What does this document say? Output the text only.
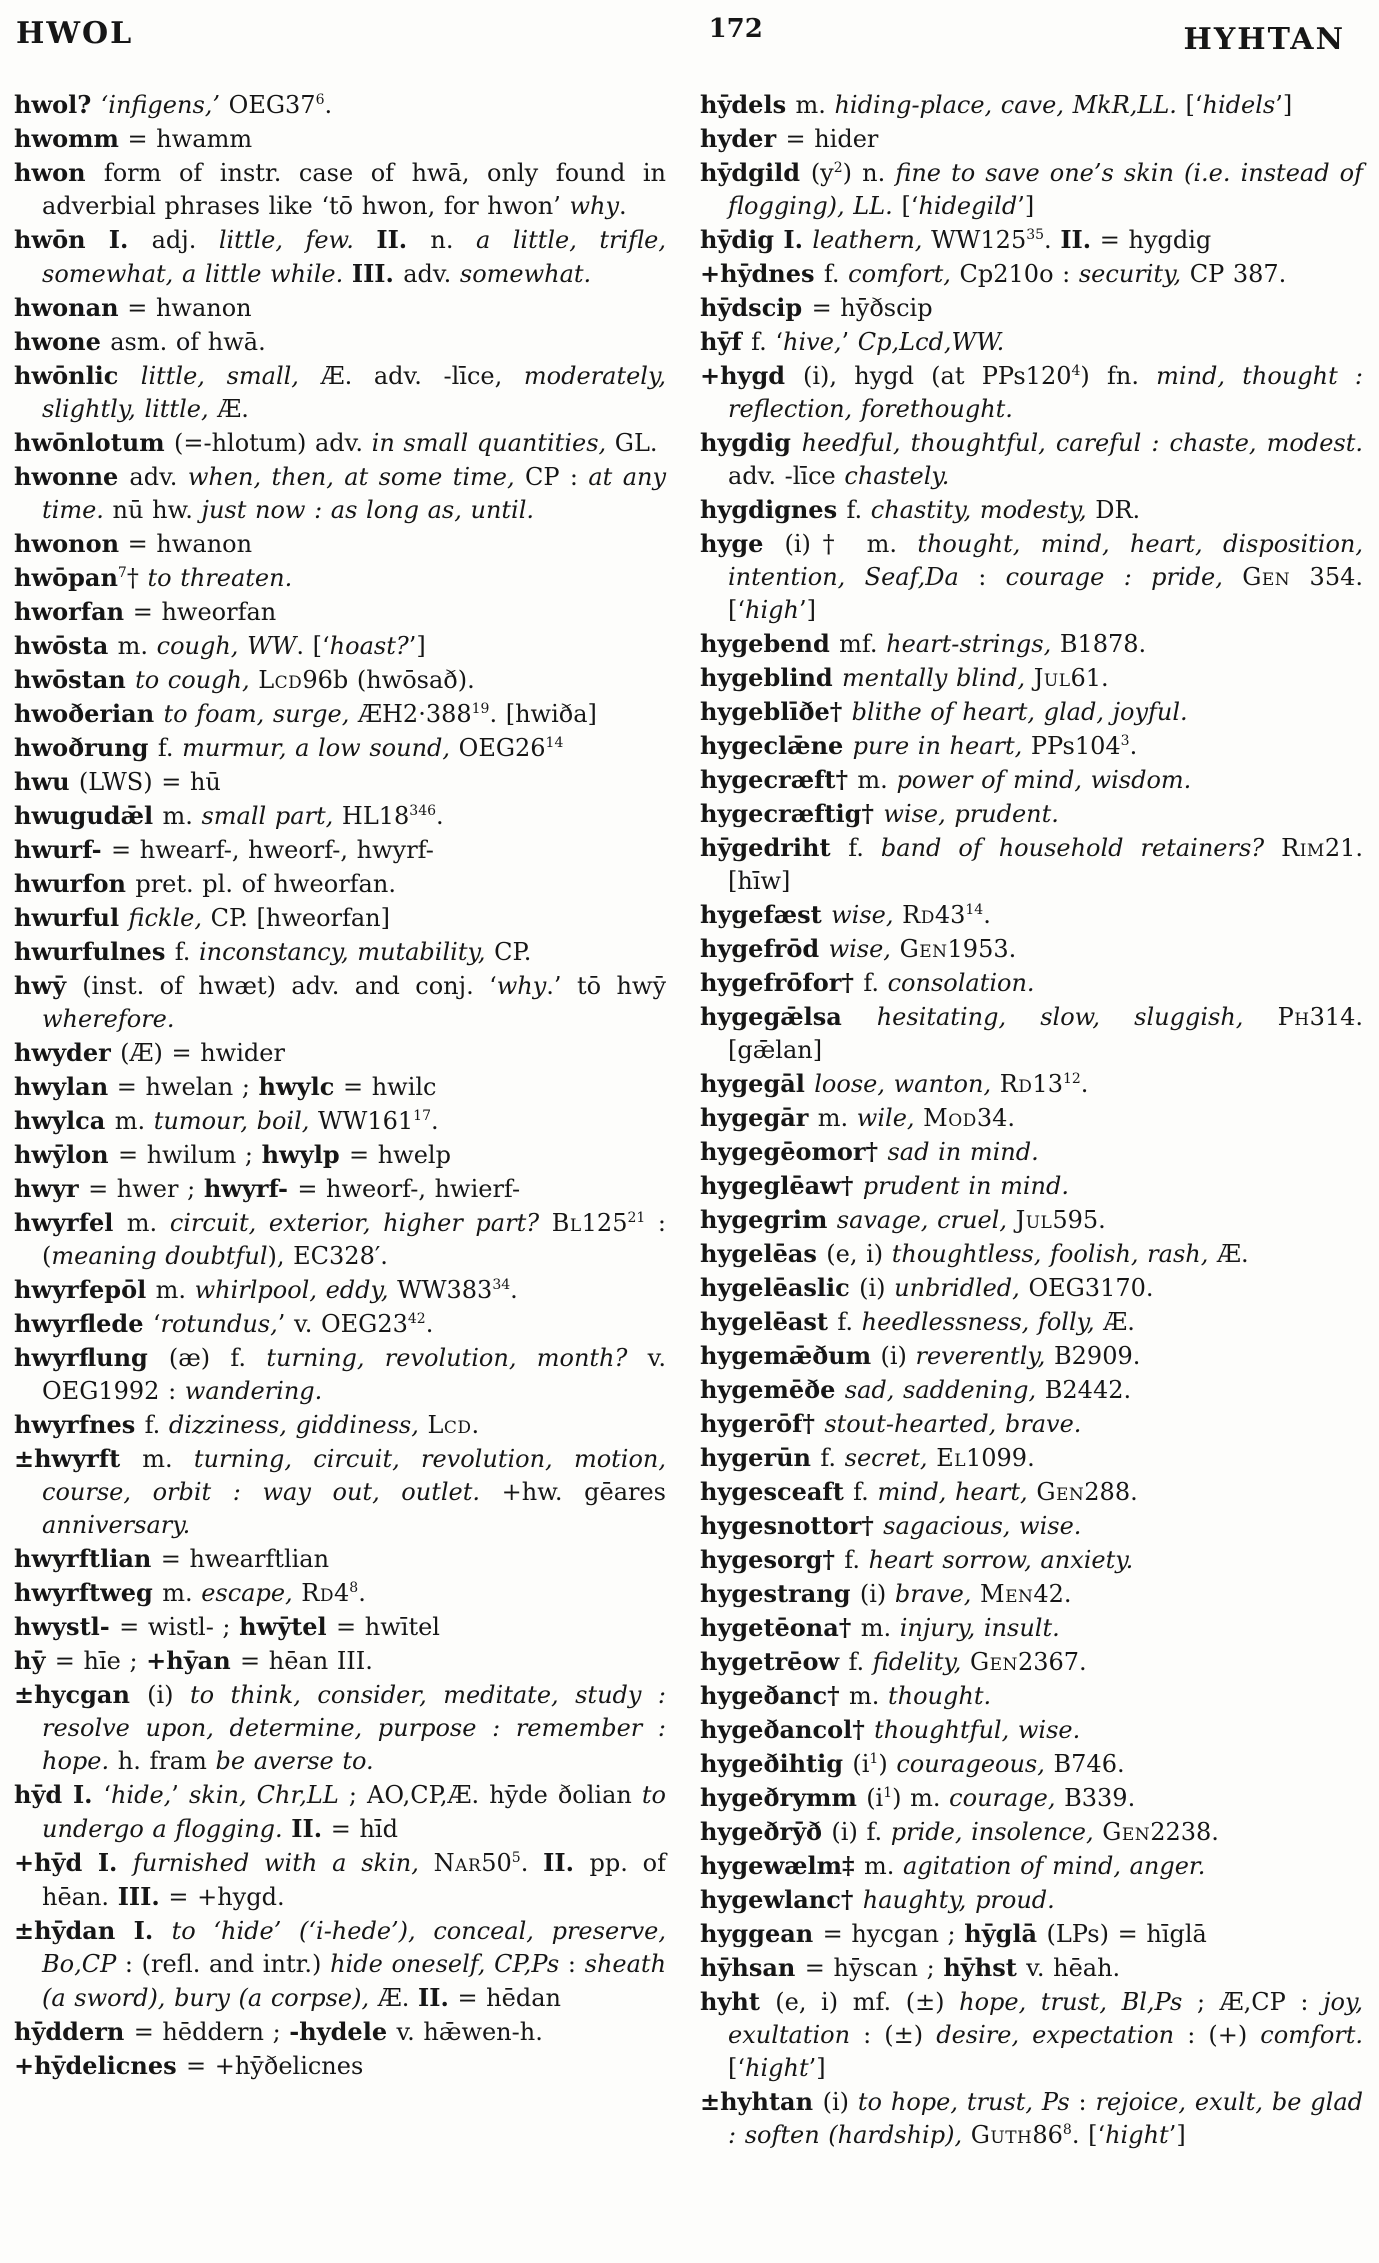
HWOL	172	HYHTAN

hwol? ‘infigens,’ $OEG37^6$.

hwomm = hwamm

hwon form of instr. case of hwā, only found in adverbial phrases like ‘tō hwon, for hwon’ why.

hwōn I. adj. little, few. II. n. a little, trifle, somewhat, a little while. III. adv. somewhat.

hwonan = hwanon

hwone asm. of hwā.

hwōnlic little, small, Æ. adv. -līce, moderately, slightly, little, Æ.

hwōnlotum (=-hlotum) adv. in small quantities, GL.

hwonne adv. when, then, at some time, CP : at any time. nū hw. just now : as long as, until.

hwonon = hwanon

hwōpan$^7$† to threaten.

hworfan = hweorfan

hwōsta m. cough, WW. [‘hoast?’]

hwōstan to cough, Lcd96b (hwōsað).

hwoðerian to foam, surge, $ÆH2\cdot 388^{19}$. [hwiða]

hwoðrung f. murmur, a low sound, $OEG26^{14}$

hwu (LWS) = hū

hwugudǣl m. small part, $HL18^{346}$.

hwurf- = hwearf-, hweorf-, hwyrf-

hwurfon pret. pl. of hweorfan.

hwurful fickle, CP. [hweorfan]

hwurfulnes f. inconstancy, mutability, CP.

hwȳ (inst. of hwæt) adv. and conj. ‘why.’ tō hwȳ wherefore.

hwyder (Æ) = hwider

hwylan = hwelan ; hwylc = hwilc

hwylca m. tumour, boil, $WW161^{17}$.

hwȳlon = hwilum ; hwylp = hwelp

hwyr = hwer ; hwyrf- = hweorf-, hwierf-

hwyrfel m. circuit, exterior, higher part? $Bl125^{21}$ : (meaning doubtful), EC328′.

hwyrfepōl m. whirlpool, eddy, $WW383^{34}$.

hwyrflede ‘rotundus,’ v. $OEG23^{42}$.

hwyrflung (æ) f. turning, revolution, month? v. OEG1992 : wandering.

hwyrfnes f. dizziness, giddiness, Lcd.

±hwyrft m. turning, circuit, revolution, motion, course, orbit : way out, outlet. +hw. gēares anniversary.

hwyrftlian = hwearftlian

hwyrftweg m. escape, $Rd4^8$.

hwystl- = wistl- ; hwȳtel = hwītel

hȳ = hīe ; +hȳan = hēan III.

±hycgan (i) to think, consider, meditate, study : resolve upon, determine, purpose : remember : hope. h. fram be averse to.

hȳd I. ‘hide,’ skin, Chr,LL ; AO,CP,Æ. hȳde ðolian to undergo a flogging. II. = hīd

+hȳd I. furnished with a skin, $Nar50^5$. II. pp. of hēan. III. = +hygd.

±hȳdan I. to ‘hide’ (‘i-hede’), conceal, preserve, Bo,CP : (refl. and intr.) hide oneself, CP,Ps : sheath (a sword), bury (a corpse), Æ. II. = hēdan

hȳddern = hēddern ; -hydele v. hǣwen-h.

+hȳdelicnes = +hȳðelicnes

hȳdels m. hiding-place, cave, MkR,LL. [‘hidels’]

hyder = hider

hȳdgild $(y^2)$ n. fine to save one’s skin (i.e. instead of flogging), LL. [‘hidegild’]

hȳdig I. leathern, $WW125^{35}$. II. = hygdig

+hȳdnes f. comfort, Cp210o : security, CP 387.

hȳdscip = hȳðscip

hȳf f. ‘hive,’ Cp,Lcd,WW.

+hygd (i), hygd (at $PPs120^4$) fn. mind, thought : reflection, forethought.

hygdig heedful, thoughtful, careful : chaste, modest. adv. -līce chastely.

hygdignes f. chastity, modesty, DR.

hyge (i)† m. thought, mind, heart, disposition, intention, Seaf,Da : courage : pride, Gen 354. [‘high’]

hygebend mf. heart-strings, B1878.

hygeblind mentally blind, Jul61.

hygeblīðe† blithe of heart, glad, joyful.

hygeclǣne pure in heart, $PPs104^3$.

hygecræft† m. power of mind, wisdom.

hygecræftig† wise, prudent.

hȳgedriht f. band of household retainers? Rim21. [hīw]

hygefæst wise, $Rd43^{14}$.

hygefrōd wise, Gen1953.

hygefrōfor† f. consolation.

hygegǣlsa hesitating, slow, sluggish, Ph314. [gǣlan]

hygegāl loose, wanton, $Rd13^{12}$.

hygegār m. wile, Mod34.

hygegēomor† sad in mind.

hygeglēaw† prudent in mind.

hygegrim savage, cruel, Jul595.

hygelēas (e, i) thoughtless, foolish, rash, Æ.

hygelēaslic (i) unbridled, OEG3170.

hygelēast f. heedlessness, folly, Æ.

hygemǣðum (i) reverently, B2909.

hygemēðe sad, saddening, B2442.

hygerōf† stout-hearted, brave.

hygerūn f. secret, El1099.

hygesceaft f. mind, heart, Gen288.

hygesnottor† sagacious, wise.

hygesorg† f. heart sorrow, anxiety.

hygestrang (i) brave, Men42.

hygetēona† m. injury, insult.

hygetrēow f. fidelity, Gen2367.

hygeðanc† m. thought.

hygeðancol† thoughtful, wise.

hygeðihtig $(i^1)$ courageous, B746.

hygeðrymm $(i^1)$ m. courage, B339.

hygeðrȳð (i) f. pride, insolence, Gen2238.

hygewælm‡ m. agitation of mind, anger.

hygewlanc† haughty, proud.

hyggean = hycgan ; hȳglā (LPs) = hīglā

hȳhsan = hȳscan ; hȳhst v. hēah.

hyht (e, i) mf. (±) hope, trust, Bl,Ps ; Æ,CP : joy, exultation : (±) desire, expectation : (+) comfort. [‘hight’]

±hyhtan (i) to hope, trust, Ps : rejoice, exult, be glad : soften (hardship), $Guth86^8$. [‘hight’]
